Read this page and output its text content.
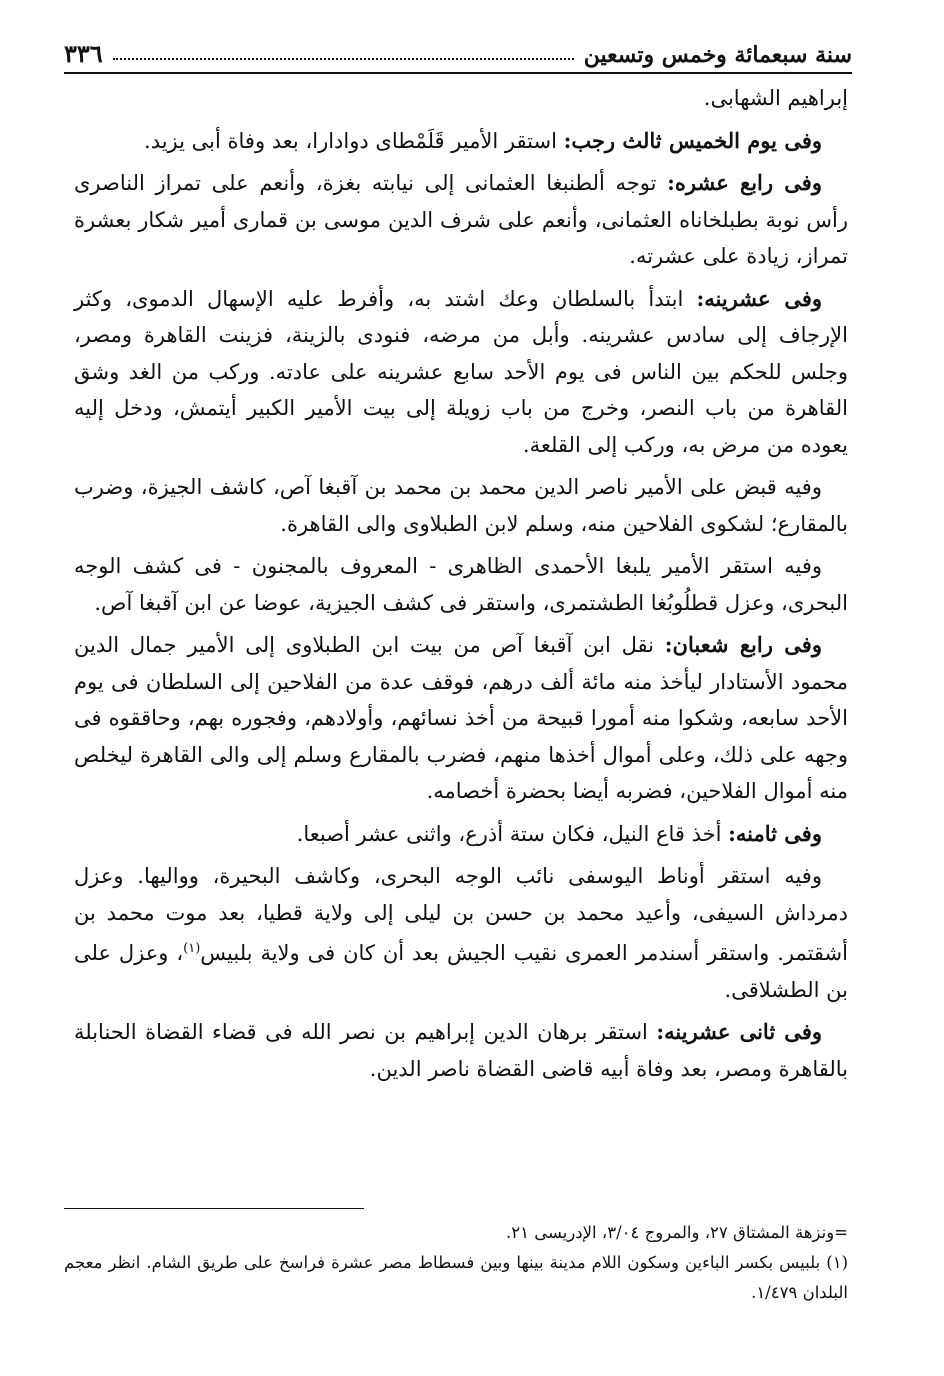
سنة سبعمائة وخمس وتسعين
٣٣٦

إبراهيم الشهابى.

وفى يوم الخميس ثالث رجب: استقر الأمير قَلَمْطاى دوادارا، بعد وفاة أبى يزيد.

وفى رابع عشره: توجه ألطنبغا العثمانى إلى نيابته بغزة، وأنعم على تمراز الناصرى رأس نوبة بطبلخاناه العثمانى، وأنعم على شرف الدين موسى بن قمارى أمير شكار بعشرة تمراز، زيادة على عشرته.

وفى عشرينه: ابتدأ بالسلطان وعك اشتد به، وأفرط عليه الإسهال الدموى، وكثر الإرجاف إلى سادس عشرينه. وأبل من مرضه، فنودى بالزينة، فزينت القاهرة ومصر، وجلس للحكم بين الناس فى يوم الأحد سابع عشرينه على عادته. وركب من الغد وشق القاهرة من باب النصر، وخرج من باب زويلة إلى بيت الأمير الكبير أيتمش، ودخل إليه يعوده من مرض به، وركب إلى القلعة.

وفيه قبض على الأمير ناصر الدين محمد بن محمد بن آقبغا آص، كاشف الجيزة، وضرب بالمقارع؛ لشكوى الفلاحين منه، وسلم لابن الطبلاوى والى القاهرة.

وفيه استقر الأمير يلبغا الأحمدى الظاهرى - المعروف بالمجنون - فى كشف الوجه البحرى، وعزل قطلُوبُغا الطشتمرى، واستقر فى كشف الجيزية، عوضا عن ابن آقبغا آص.

وفى رابع شعبان: نقل ابن آقبغا آص من بيت ابن الطبلاوى إلى الأمير جمال الدين محمود الأستادار ليأخذ منه مائة ألف درهم، فوقف عدة من الفلاحين إلى السلطان فى يوم الأحد سابعه، وشكوا منه أمورا قبيحة من أخذ نسائهم، وأولادهم، وفجوره بهم، وحاققوه فى وجهه على ذلك، وعلى أموال أخذها منهم، فضرب بالمقارع وسلم إلى والى القاهرة ليخلص منه أموال الفلاحين، فضربه أيضا بحضرة أخصامه.

وفى ثامنه: أخذ قاع النيل، فكان ستة أذرع، واثنى عشر أصبعا.

وفيه استقر أوناط اليوسفى نائب الوجه البحرى، وكاشف البحيرة، وواليها. وعزل دمرداش السيفى، وأعيد محمد بن حسن بن ليلى إلى ولاية قطيا، بعد موت محمد بن أشقتمر. واستقر أسندمر العمرى نقيب الجيش بعد أن كان فى ولاية بلبيس$^{(١)}$، وعزل على بن الطشلاقى.

وفى ثانى عشرينه: استقر برهان الدين إبراهيم بن نصر الله فى قضاء القضاة الحنابلة بالقاهرة ومصر، بعد وفاة أبيه قاضى القضاة ناصر الدين.

=ونزهة المشتاق ٢٧، والمروج ٣/٠٤، الإدريسى ٢١.

(١) بلبيس بكسر الباءين وسكون اللام مدينة بينها وبين فسطاط مصر عشرة فراسخ على طريق الشام. انظر معجم البلدان ١/٤٧٩.
